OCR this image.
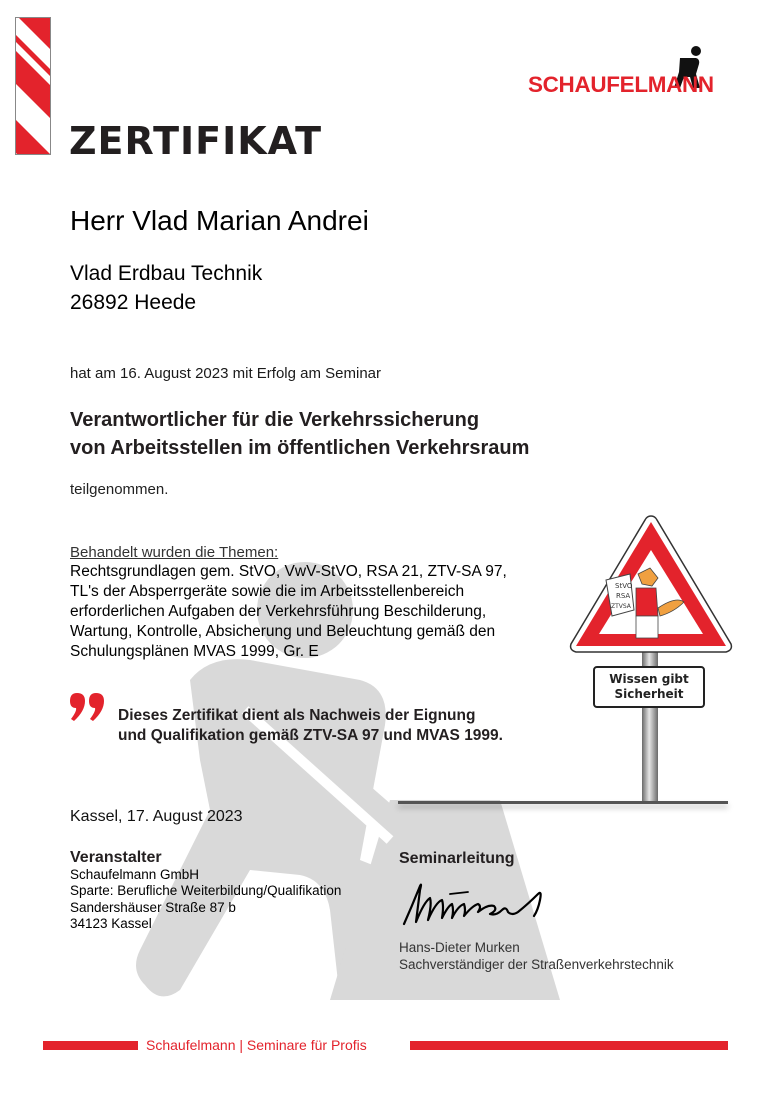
SCHAUFELMANN
ZERTIFIKAT
Herr Vlad Marian Andrei
Vlad Erdbau Technik
26892 Heede
hat am 16. August 2023 mit Erfolg am Seminar
Verantwortlicher für die Verkehrssicherung
von Arbeitsstellen im öffentlichen Verkehrsraum
teilgenommen.
Behandelt wurden die Themen:
Rechtsgrundlagen gem. StVO, VwV-StVO, RSA 21, ZTV-SA 97,
TL's der Absperrgeräte sowie die im Arbeitsstellenbereich
erforderlichen Aufgaben der Verkehrsführung Beschilderung,
Wartung, Kontrolle, Absicherung und Beleuchtung gemäß den
Schulungsplänen MVAS 1999, Gr. E
Dieses Zertifikat dient als Nachweis der Eignung
und Qualifikation gemäß ZTV-SA 97 und MVAS 1999.
StVO
RSA
ZTVSA
Wissen gibt
Sicherheit
Kassel, 17. August 2023
Veranstalter
Schaufelmann GmbH
Sparte: Berufliche Weiterbildung/Qualifikation
Sandershäuser Straße 87 b
34123 Kassel
Seminarleitung
Hans-Dieter Murken
Sachverständiger der Straßenverkehrstechnik
Schaufelmann | Seminare für Profis
